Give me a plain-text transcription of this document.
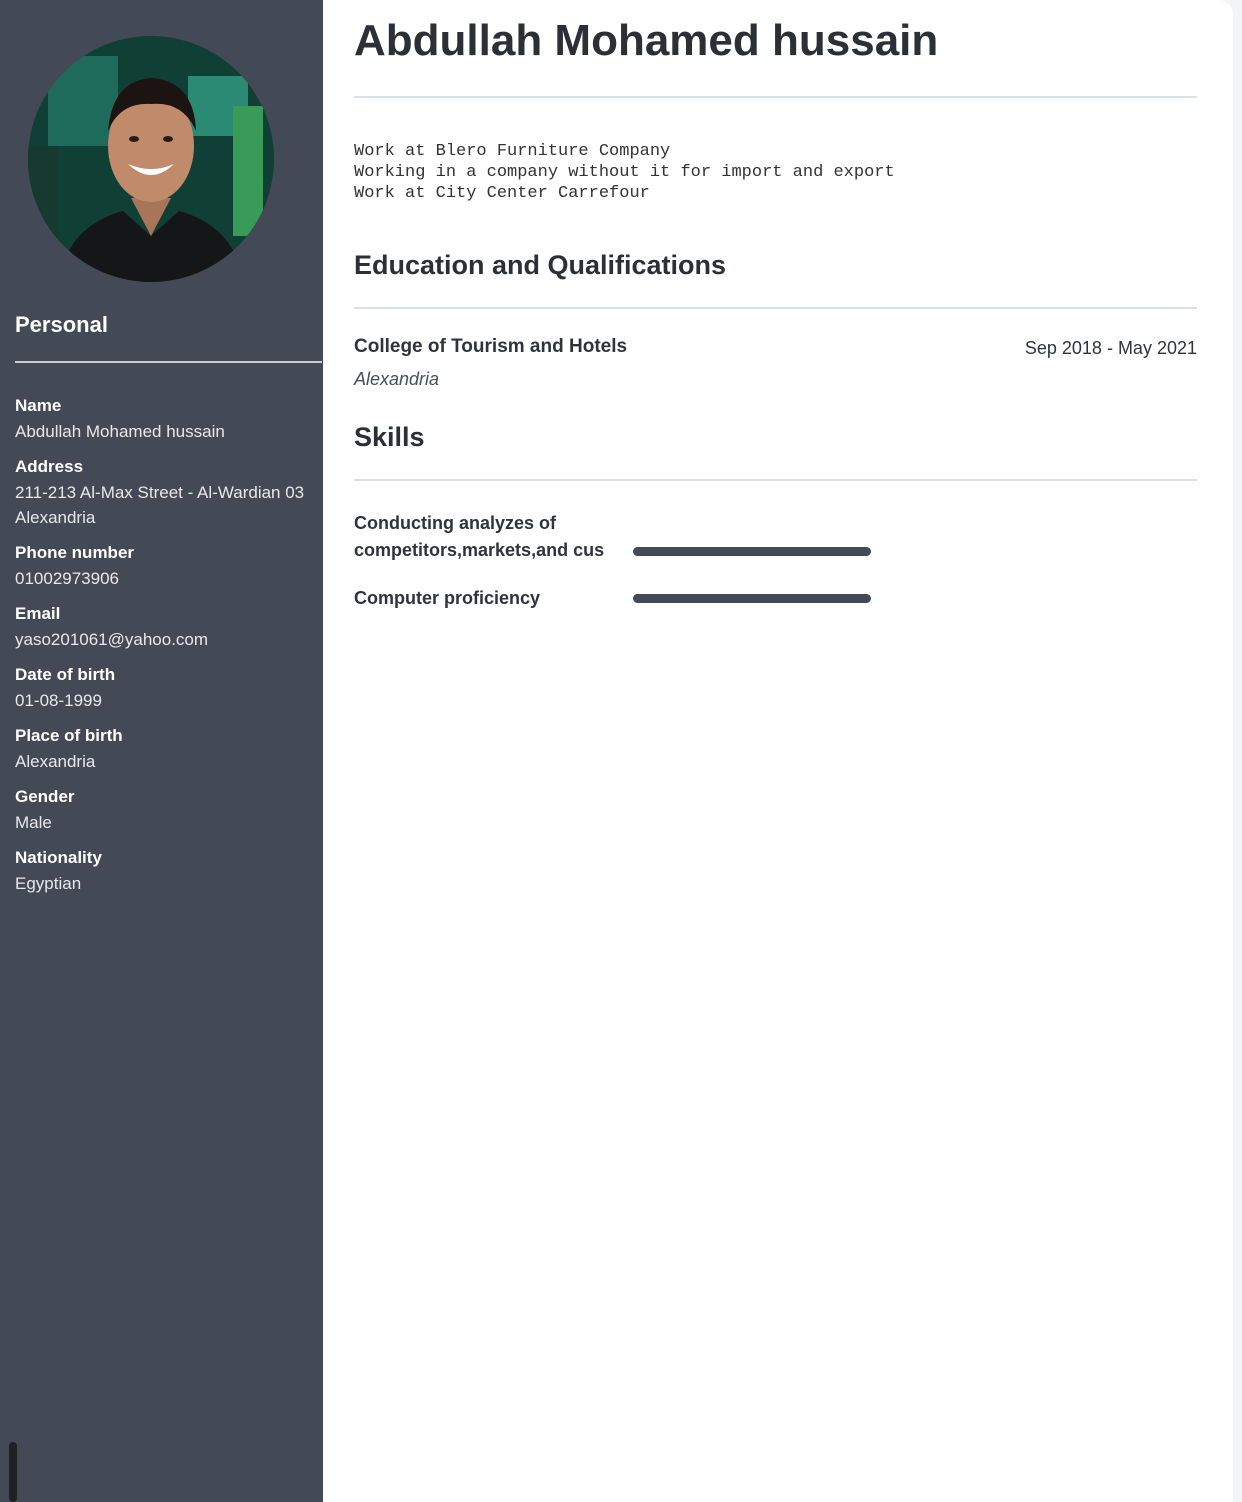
Personal
Name
Abdullah Mohamed hussain
Address
211-213 Al-Max Street - Al-Wardian 03 Alexandria
Phone number
01002973906
Email
yaso201061@yahoo.com
Date of birth
01-08-1999
Place of birth
Alexandria
Gender
Male
Nationality
Egyptian
Abdullah Mohamed hussain
Work at Blero Furniture Company
Working in a company without it for import and export
Work at City Center Carrefour
Education and Qualifications
College of Tourism and Hotels	Sep 2018 - May 2021
Alexandria
Skills
Conducting analyzes of competitors,markets,and cus
Computer proficiency
